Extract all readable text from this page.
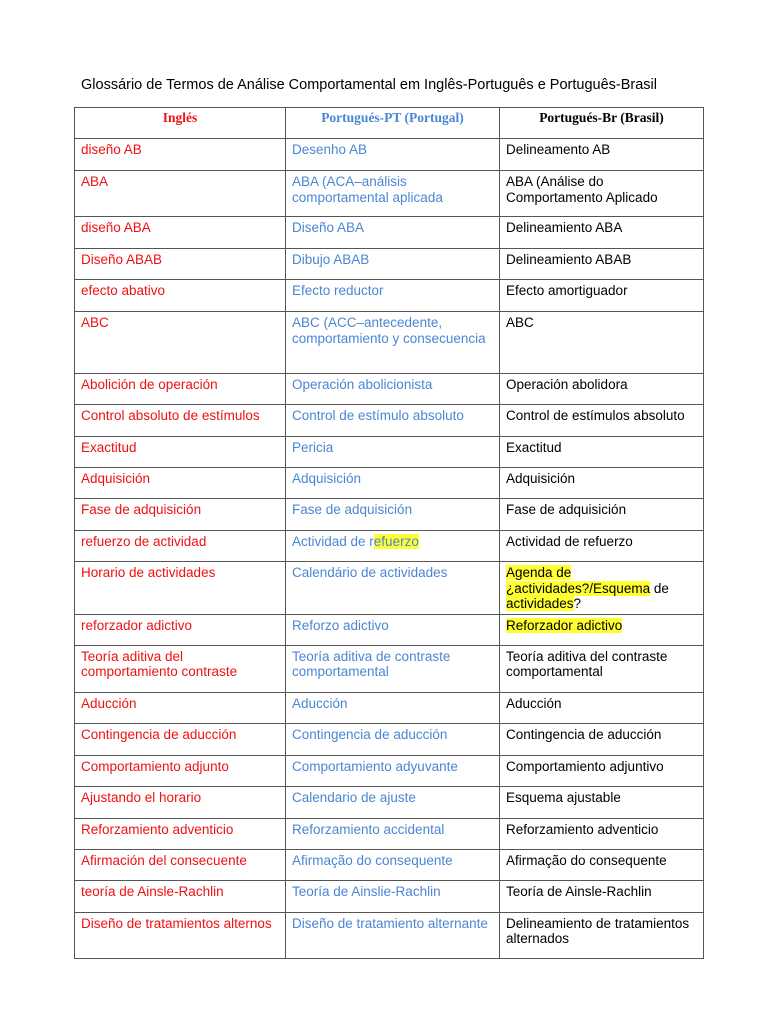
Glossário de Termos de Análise Comportamental em Inglês-Português e Português-Brasil
Inglés	Portugués-PT (Portugal)	Portugués-Br (Brasil)
diseño AB	Desenho AB	Delineamento AB
ABA	ABA (ACA–análisis comportamental aplicada	ABA (Análise do Comportamento Aplicado
diseño ABA	Diseño ABA	Delineamiento ABA
Diseño ABAB	Dibujo ABAB	Delineamiento ABAB
efecto abativo	Efecto reductor	Efecto amortiguador
ABC	ABC (ACC–antecedente, comportamiento y consecuencia	ABC
Abolición de operación	Operación abolicionista	Operación abolidora
Control absoluto de estímulos	Control de estímulo absoluto	Control de estímulos absoluto
Exactitud	Pericia	Exactitud
Adquisición	Adquisición	Adquisición
Fase de adquisición	Fase de adquisición	Fase de adquisición
refuerzo de actividad	Actividad de refuerzo	Actividad de refuerzo
Horario de actividades	Calendário de actividades	Agenda de ¿actividades?/Esquema de actividades?
reforzador adictivo	Reforzo adictivo	Reforzador adictivo
Teoría aditiva del comportamiento contraste	Teoría aditiva de contraste comportamental	Teoría aditiva del contraste comportamental
Aducción	Aducción	Aducción
Contingencia de aducción	Contingencia de aducción	Contingencia de aducción
Comportamiento adjunto	Comportamiento adyuvante	Comportamiento adjuntivo
Ajustando el horario	Calendario de ajuste	Esquema ajustable
Reforzamiento adventicio	Reforzamiento accidental	Reforzamiento adventicio
Afirmación del consecuente	Afirmação do consequente	Afirmação do consequente
teoría de Ainsle-Rachlin	Teoría de Ainslie-Rachlin	Teoría de Ainsle-Rachlin
Diseño de tratamientos alternos	Diseño de tratamiento alternante	Delineamiento de tratamientos alternados
